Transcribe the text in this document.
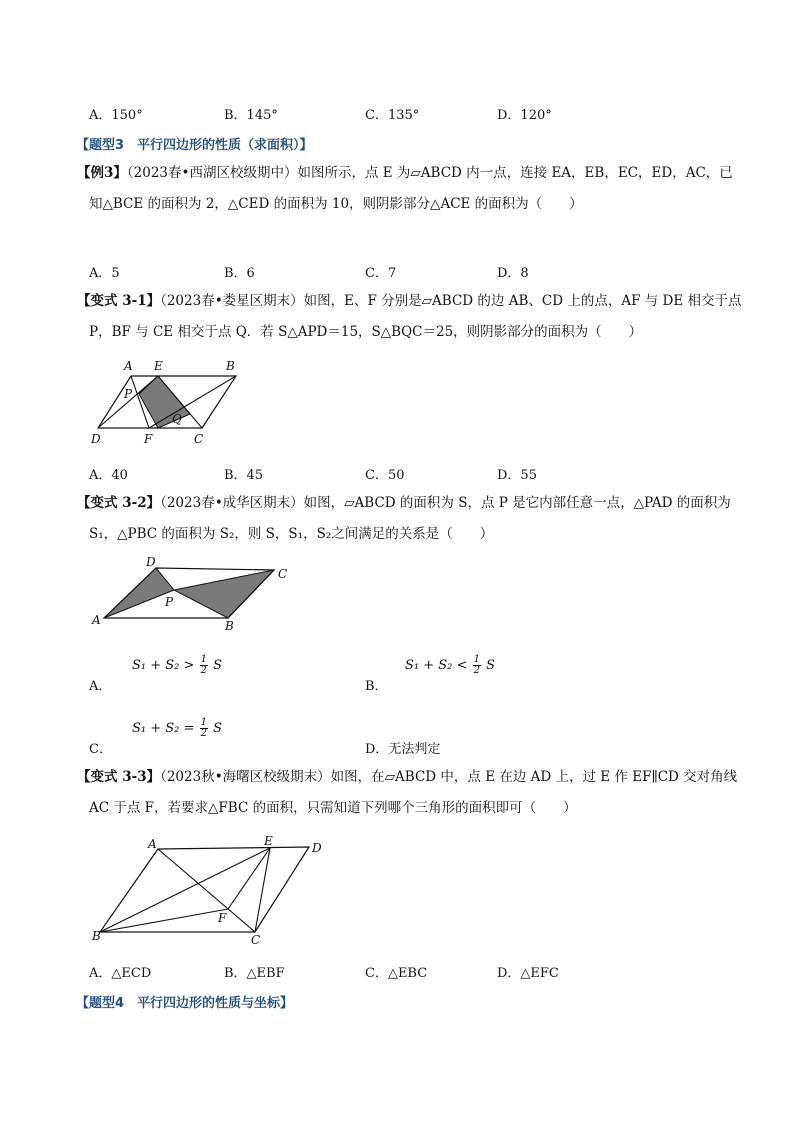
A．150°	B．145°	C．135°	D．120°
【题型3　平行四边形的性质（求面积）】
【例3】（2023春•西湖区校级期中）如图所示，点 E 为▱ABCD 内一点，连接 EA，EB，EC，ED，AC，已
知△BCE 的面积为 2，△CED 的面积为 10，则阴影部分△ACE 的面积为（　　）
A．5	B．6	C．7	D．8
【变式 3-1】（2023春•娄星区期末）如图，E、F 分别是▱ABCD 的边 AB、CD 上的点，AF 与 DE 相交于点
P，BF 与 CE 相交于点 Q．若 S△APD＝15，S△BQC＝25，则阴影部分的面积为（　　）
A E	B
P
Q
D	F	C
A．40	B．45	C．50	D．55
【变式 3-2】（2023春•成华区期末）如图，▱ABCD 的面积为 S，点 P 是它内部任意一点，△PAD 的面积为
S₁，△PBC 的面积为 S₂，则 S，S₁，S₂之间满足的关系是（　　）
D
C
P
A	B
A．
$S_1 + S_2 > \frac{1}{2}$ S
B．
$S_1 + S_2 < \frac{1}{2}$ S
C．
$S_1 + S_2 = \frac{1}{2}$ S
D．无法判定
【变式 3-3】（2023秋•海曙区校级期末）如图，在▱ABCD 中，点 E 在边 AD 上，过 E 作 EF∥CD 交对角线
AC 于点 F，若要求△FBC 的面积，只需知道下列哪个三角形的面积即可（　　）
A	E	D
F
B	C
A．△ECD	B．△EBF	C．△EBC	D．△EFC
【题型4　平行四边形的性质与坐标】
